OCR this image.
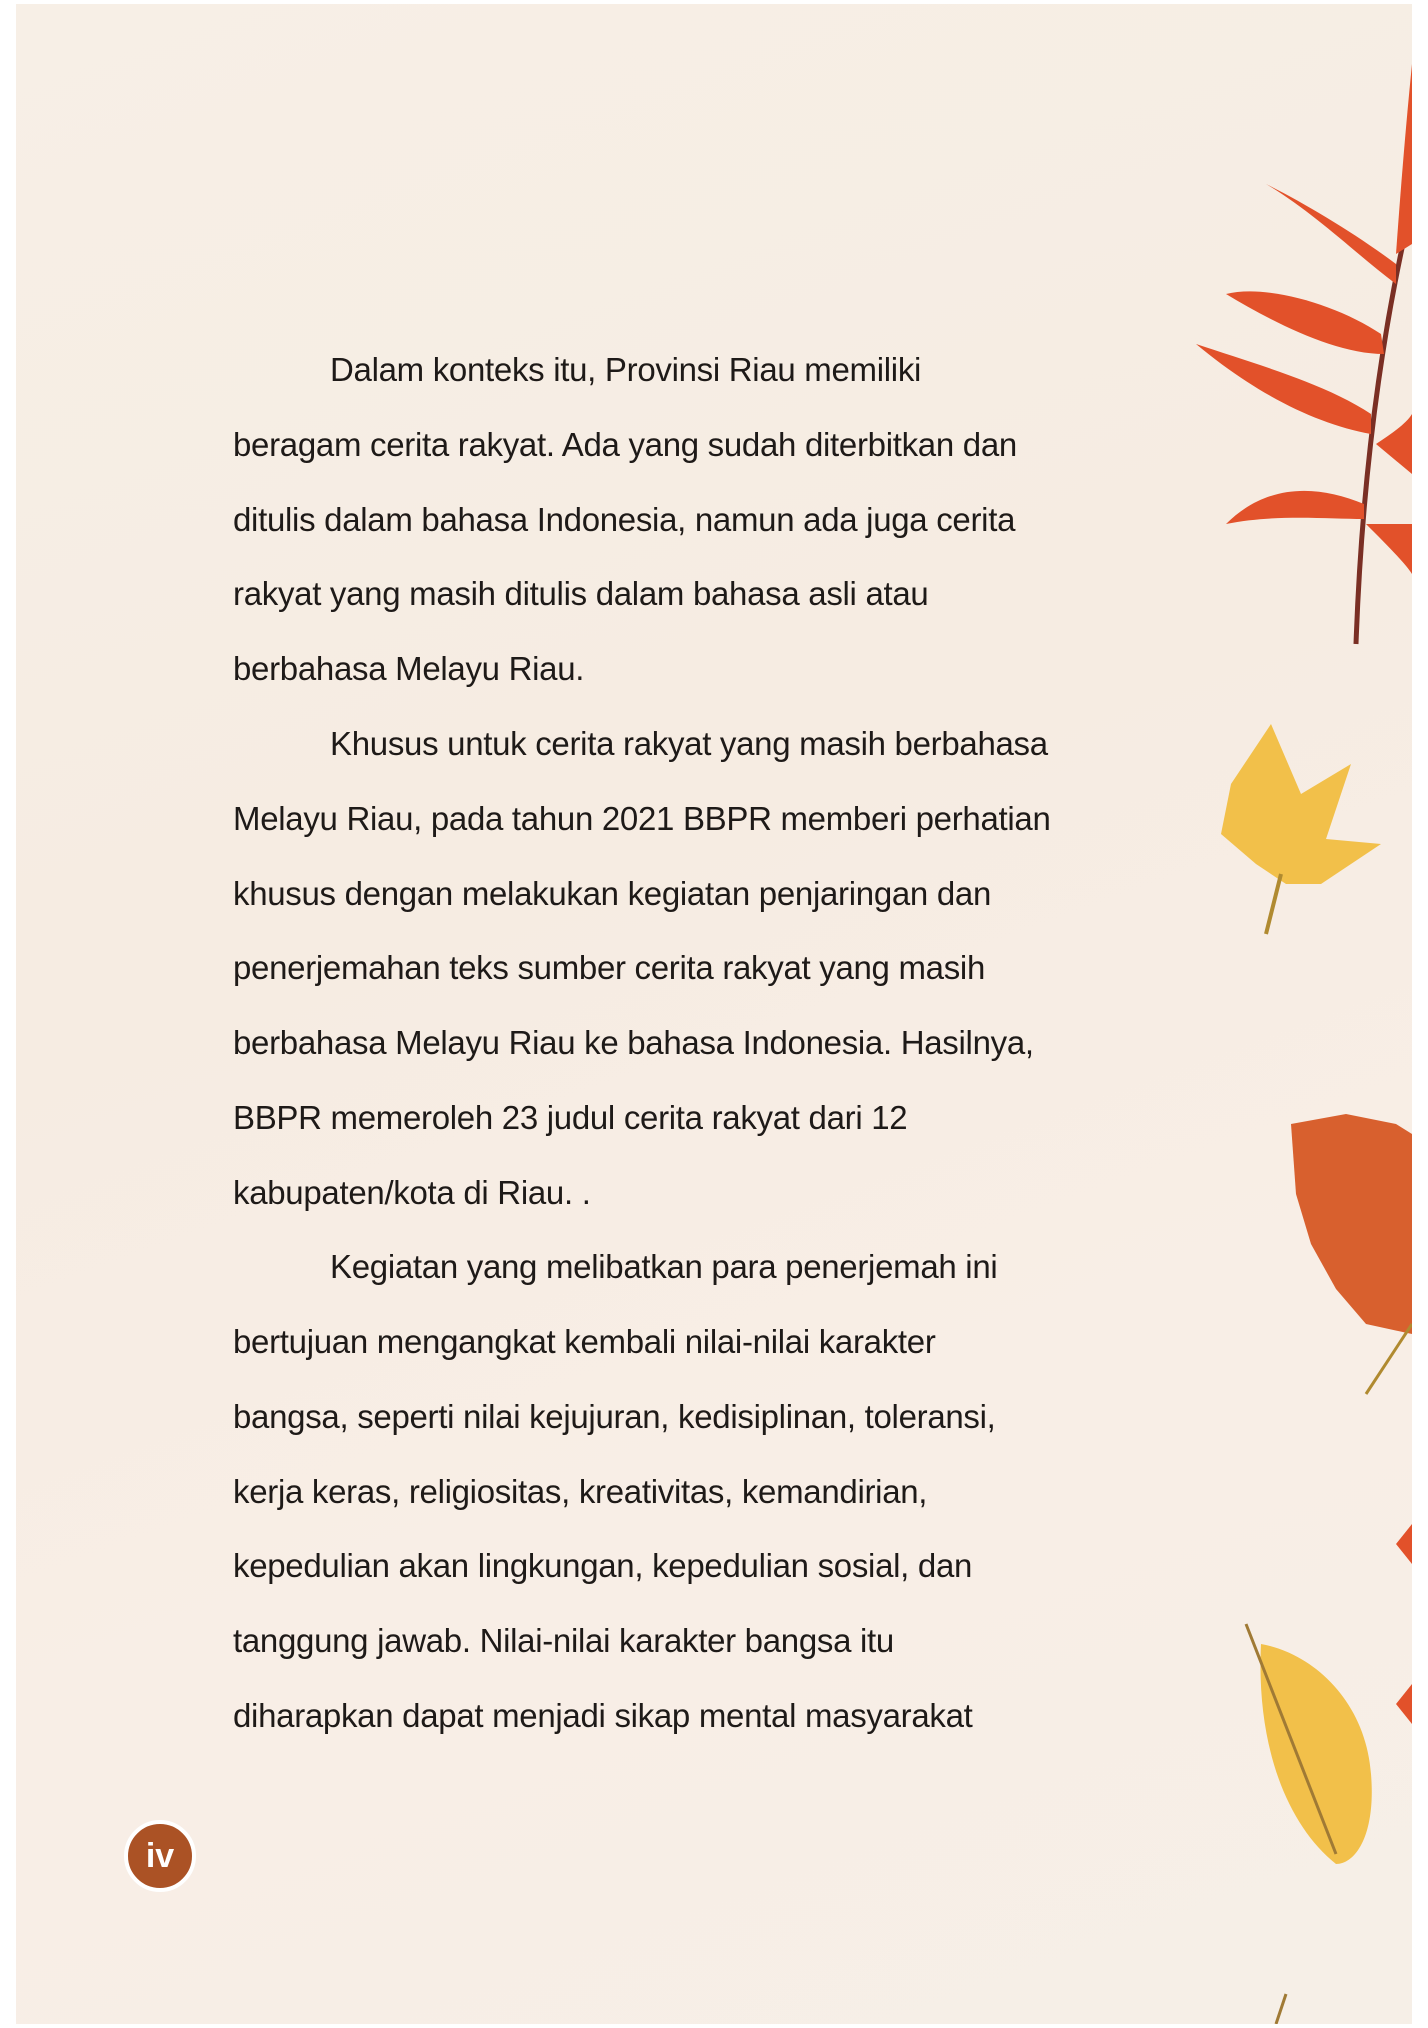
Dalam konteks itu, Provinsi Riau memiliki
beragam cerita rakyat. Ada yang sudah diterbitkan dan
ditulis dalam bahasa Indonesia, namun ada juga cerita
rakyat yang masih ditulis dalam bahasa asli atau
berbahasa Melayu Riau.
Khusus untuk cerita rakyat yang masih berbahasa
Melayu Riau, pada tahun 2021 BBPR memberi perhatian
khusus dengan melakukan kegiatan penjaringan dan
penerjemahan teks sumber cerita rakyat yang masih
berbahasa Melayu Riau ke bahasa Indonesia. Hasilnya,
BBPR memeroleh 23 judul cerita rakyat dari 12
kabupaten/kota di Riau. .
Kegiatan yang melibatkan para penerjemah ini
bertujuan mengangkat kembali nilai-nilai karakter
bangsa, seperti nilai kejujuran, kedisiplinan, toleransi,
kerja keras, religiositas, kreativitas, kemandirian,
kepedulian akan lingkungan, kepedulian sosial, dan
tanggung jawab. Nilai-nilai karakter bangsa itu
diharapkan dapat menjadi sikap mental masyarakat
iv
